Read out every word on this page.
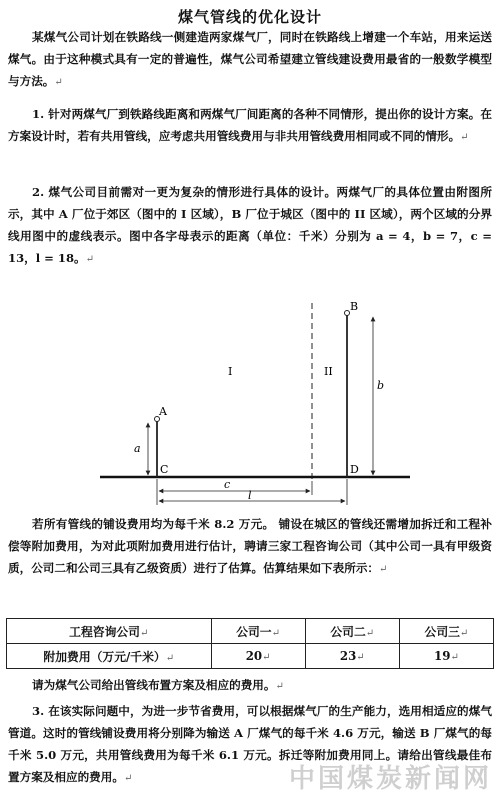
煤气管线的优化设计

某煤气公司计划在铁路线一侧建造两家煤气厂，同时在铁路线上增建一个车站，用来运送煤气。由于这种模式具有一定的普遍性，煤气公司希望建立管线建设费用最省的一般数学模型与方法。↵

1. 针对两煤气厂到铁路线距离和两煤气厂间距离的各种不同情形，提出你的设计方案。在方案设计时，若有共用管线，应考虑共用管线费用与非共用管线费用相同或不同的情形。↵

2. 煤气公司目前需对一更为复杂的情形进行具体的设计。两煤气厂的具体位置由附图所示，其中 A 厂位于郊区（图中的 I 区域），B 厂位于城区（图中的 II 区域），两个区域的分界线用图中的虚线表示。图中各字母表示的距离（单位：千米）分别为 a = 4，b = 7，c = 13，l = 18。↵

A
B
C	D
I	II
a
b
c
l

若所有管线的铺设费用均为每千米 8.2 万元。 铺设在城区的管线还需增加拆迁和工程补偿等附加费用，为对此项附加费用进行估计，聘请三家工程咨询公司（其中公司一具有甲级资质，公司二和公司三具有乙级资质）进行了估算。估算结果如下表所示：↵

工程咨询公司↵	公司一↵	公司二↵	公司三↵
附加费用（万元/千米）↵	20↵	23↵	19↵

请为煤气公司给出管线布置方案及相应的费用。↵

3. 在该实际问题中，为进一步节省费用，可以根据煤气厂的生产能力，选用相适应的煤气管道。这时的管线铺设费用将分别降为输送 A 厂煤气的每千米 4.6 万元，输送 B 厂煤气的每千米 5.0 万元，共用管线费用为每千米 6.1 万元。拆迁等附加费用同上。请给出管线最佳布置方案及相应的费用。↵	中国煤炭新闻网
